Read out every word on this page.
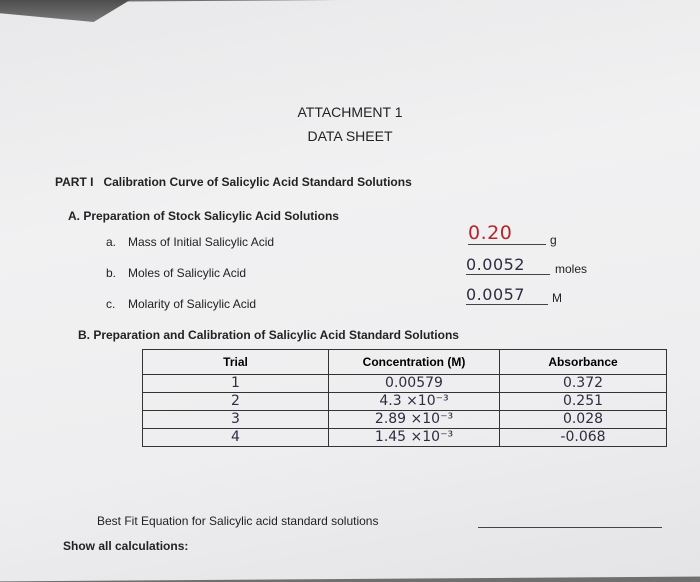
ATTACHMENT 1
DATA SHEET
PART I Calibration Curve of Salicylic Acid Standard Solutions
A. Preparation of Stock Salicylic Acid Solutions
a. Mass of Initial Salicylic Acid	0.20	g
b. Moles of Salicylic Acid	0.0052	moles
c. Molarity of Salicylic Acid	0.0057	M
B. Preparation and Calibration of Salicylic Acid Standard Solutions
Trial	Concentration (M)	Absorbance
1	0.00579	0.372
2	4.3 ×10⁻³	0.251
3	2.89 ×10⁻³	0.028
4	1.45 ×10⁻³	-0.068
Best Fit Equation for Salicylic acid standard solutions
Show all calculations:
